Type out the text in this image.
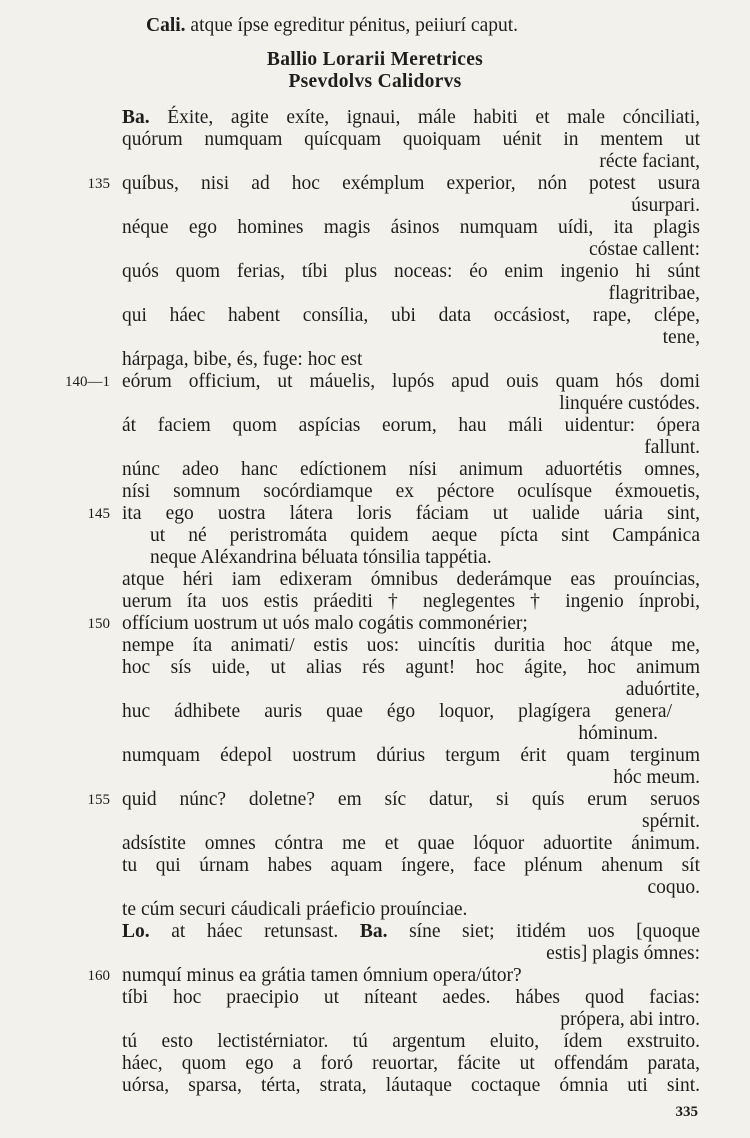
Cali. atque ípse egreditur pénitus, peiiurí caput.
Ballio Lorarii Meretrices
Psevdolvs Calidorvs
Ba. Éxite, agite exíte, ignaui, mále habiti et male cónciliati,
quórum numquam quícquam quoiquam uénit in mentem ut
récte faciant,
135 quíbus, nisi ad hoc exémplum experior, nón potest usura
úsurpari.
néque ego homines magis ásinos numquam uídi, ita plagis
cóstae callent:
quós quom ferias, tíbi plus noceas: éo enim ingenio hi súnt
flagritribae,
qui háec habent consília, ubi data occásiost, rape, clépe,
tene,
hárpaga, bibe, és, fuge: hoc est
140—1 eórum officium, ut máuelis, lupós apud ouis quam hós domi
linquére custódes.
át faciem quom aspícias eorum, hau máli uidentur: ópera
fallunt.
núnc adeo hanc edíctionem nísi animum aduortétis omnes,
nísi somnum socórdiamque ex péctore oculísque éxmouetis,
145 ita ego uostra látera loris fáciam ut ualide uária sint,
ut né peristromáta quidem aeque pícta sint Campánica
neque Aléxandrina béluata tónsilia tappétia.
atque héri iam edixeram ómnibus dederámque eas prouíncias,
uerum íta uos estis práediti † neglegentes † ingenio ínprobi,
150 offícium uostrum ut uós malo cogátis commonérier;
nempe íta animati/ estis uos: uincítis duritia hoc átque me,
hoc sís uide, ut alias rés agunt! hoc ágite, hoc animum
aduórtite,
huc ádhibete auris quae égo loquor, plagígera genera/
hóminum.
numquam édepol uostrum dúrius tergum érit quam terginum
hóc meum.
155 quid núnc? doletne? em síc datur, si quís erum seruos
spérnit.
adsístite omnes cóntra me et quae lóquor aduortite ánimum.
tu qui úrnam habes aquam íngere, face plénum ahenum sít
coquo.
te cúm securi cáudicali práeficio prouínciae.
Lo. at háec retunsast. Ba. síne siet; itidém uos [quoque
estis] plagis ómnes:
160 numquí minus ea grátia tamen ómnium opera/útor?
tíbi hoc praecipio ut níteant aedes. hábes quod facias:
própera, abi intro.
tú esto lectistérniator. tú argentum eluito, ídem exstruito.
háec, quom ego a foró reuortar, fácite ut offendám parata,
uórsa, sparsa, térta, strata, láutaque coctaque ómnia uti sint.
335
